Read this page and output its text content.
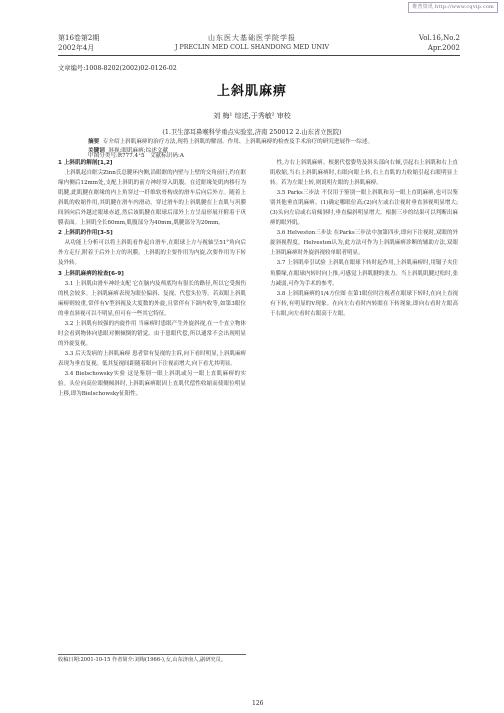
维普资讯 http://www.cqvip.com
第16卷第2期
2002年4月
山东医大基础医学院学报
J PRECLIN MED COLL SHANDONG MED UNIV
Vol.16,No.2
Apr.2002
文章编号:1008-8202(2002)02-0126-02
上斜肌麻痹
刘 梅¹ 综述,于秀敏² 审校
(1.卫生部耳鼻喉科学重点实验室,济南 250012 2.山东省立医院)
摘要 专介绍上斜肌麻痹的治疗方法,现将上斜肌的解剖、作用、上斜肌麻痹的检查及手术治疗的研究进展作一综述。
关键词 斜视;眼肌麻痹;综述文献

1 上斜肌的解剖[1,2]

上斜肌起自眶尖Zinn氏总腱环内侧,沿眼眶的内壁与上壁的交角前行,约在眶缘内侧后12mm处,支配上斜肌的前方神经穿入肌腹。在近眶缘处肌肉移行为肌腱,此肌腱在眶缘的内上角穿过一纤维软骨构成的滑车后向后外方。随着上斜肌的收缩作用,其肌腱在滑车内滑动。穿过滑车的上斜肌腱在上直肌与巩膜间斜向后外越过眼球赤道,然后该肌腱在眼球后部外上方呈扇形展开附着于巩膜表面。上斜肌全长60mm,肌腹部分为40mm,肌腱部分为20mm。

2 上斜肌的作用[3-5]

从功能上分析可以将上斜肌看作起自滑车,在眼球上方与视轴呈51°角向后外方走行,附着于后外上方的巩膜。上斜肌的主要作用为内旋,次要作用为下转及外转。

3 上斜肌麻痹的检查[6-9]

3.1 上斜肌由滑车神经支配 它在脑内及颅底均有很长的路径,所以它受损伤的机会较多。上斜肌麻痹表现为眼位偏斜、复视、代偿头位等。若双眼上斜肌麻痹则较重,常伴有V型斜视及大度数的外旋,且常伴有下颌内收等,如第3眼位的垂直斜视可以不明显,但可有一些其它特征。

3.2 上斜肌有较强的内旋作用 当麻痹时患眼产生外旋斜视,在一个直立物体时会看到物体向患眼对侧倾倒的错觉。由于患眼代偿,所以通常不会出现明显的外旋复视。

3.3 后天发病的上斜肌麻痹 患者常有复视的主诉,向下看时明显,上斜肌麻痹表现为垂直复视。低其复视间距随着眼向下注视而增大,向下看尤其明显。

3.4 Bielschowsky实验 这是鉴别一眼上斜肌或另一眼上直肌麻痹的实验。头位向高位眼侧倾斜时,上斜肌麻痹眼因上直肌代偿性收缩而使眼位明显上移,即为Bielschowsky征阳性。

性,方右上斜肌麻痹。根据代偿姿势及斜头部向右倾,引起右上斜肌和右上直肌收缩,当右上斜肌麻痹时,右眼向眼上转,右上直肌的力收缩引起右眼明显上转。若为左眼上转,则说明左眼的上斜肌麻痹。

3.5 Parks三步法 不仅用于鉴别一眼上斜肌和另一眼上直肌麻痹,也可以鉴别其他垂直肌麻痹。(1)确定哪眼位高;(2)向左或右注视时垂直斜视明显增大;(3)头向左肩或右肩倾斜时,垂直偏斜明显增大。根据三步的结果可以判断出麻痹的眼外肌。

3.6 Helveston三步法 在Parks三步法中加第四步,即向下注视时,双眼的外旋斜视程度。Helveston认为,此方法可作为上斜肌麻痹诊断的辅助方法,双眼上斜肌麻痹时外旋斜视较单眼者明显。

3.7 上斜肌牵引试验 上斜肌在眼球下转时起作用,上斜肌麻痹时,用镊子夹住角膜缘,在眼球内转时向上推,可感觉上斜肌腱的张力。当上斜肌肌腱过松时,张力减弱,可作为手术的参考。

3.8 上斜肌麻痹的1/4方位图 在第1眼位时注视者在眼球下转时,在向上直视有下转,有明显的V现象。在向左右看时内转眼在下转现象,即向右看时左眼高于右眼,向左看时右眼高于左眼。

收稿日期:2001-10-15 作者简介:刘梅(1966-),女,山东济南人,副研究员。
中图分类号:R777.4⁺5 文献标识码:A
126
